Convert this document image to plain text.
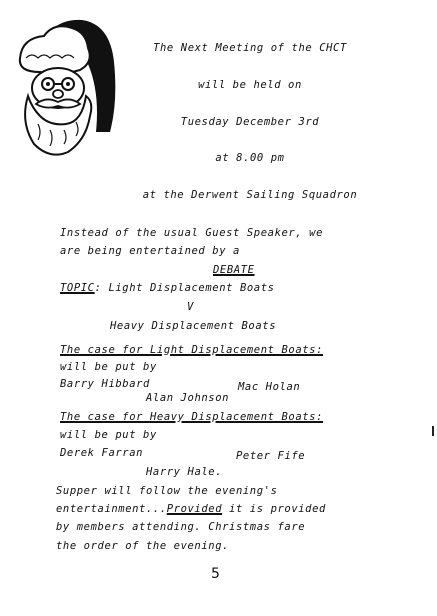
The Next Meeting of the CHCT
will be held on
Tuesday December 3rd
at 8.00 pm
at the Derwent Sailing Squadron
Instead of the usual Guest Speaker, we
are being entertained by a
DEBATE
TOPIC: Light Displacement Boats
V
Heavy Displacement Boats
The case for Light Displacement Boats:
will be put by
Barry Hibbard	Mac Holan
Alan Johnson
The case for Heavy Displacement Boats:
will be put by
Derek Farran	Peter Fife
Harry Hale.
Supper will follow the evening's
entertainment...Provided it is provided
by members attending. Christmas fare
the order of the evening.
5
